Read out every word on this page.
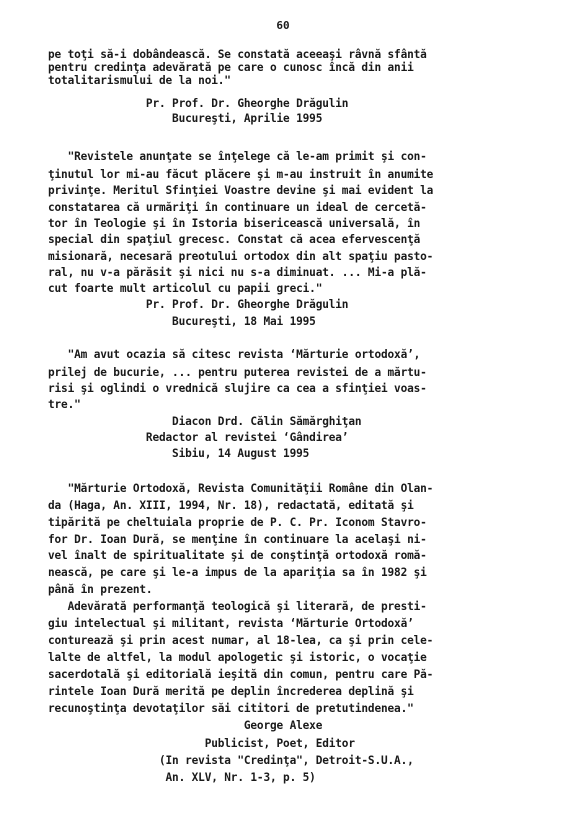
60
pe toţi să-i dobândească. Se constată aceeaşi râvnă sfântă
pentru credinţa adevărată pe care o cunosc încă din anii
totalitarismului de la noi."
Pr. Prof. Dr. Gheorghe Drăgulin
Bucureşti, Aprilie 1995
"Revistele anunţate se înţelege că le-am primit şi con-
ţinutul lor mi-au făcut plăcere şi m-au instruit în anumite
privinţe. Meritul Sfinţiei Voastre devine şi mai evident la
constatarea că urmăriţi în continuare un ideal de cercetă-
tor în Teologie şi în Istoria bisericească universală, în
special din spaţiul grecesc. Constat că acea efervescenţă
misionară, necesară preotului ortodox din alt spaţiu pasto-
ral, nu v-a părăsit şi nici nu s-a diminuat. ... Mi-a plă-
cut foarte mult articolul cu papii greci."
Pr. Prof. Dr. Gheorghe Drăgulin
Bucureşti, 18 Mai 1995
"Am avut ocazia să citesc revista ‘Mărturie ortodoxă’,
prilej de bucurie, ... pentru puterea revistei de a mărtu-
risi şi oglindi o vrednică slujire ca cea a sfinţiei voas-
tre."
Diacon Drd. Călin Sămărghiţan
Redactor al revistei ‘Gândirea’
Sibiu, 14 August 1995
"Mărturie Ortodoxă, Revista Comunităţii Române din Olan-
da (Haga, An. XIII, 1994, Nr. 18), redactată, editată şi
tipărită pe cheltuiala proprie de P. C. Pr. Iconom Stavro-
for Dr. Ioan Dură, se menţine în continuare la acelaşi ni-
vel înalt de spiritualitate şi de conştinţă ortodoxă romă-
nească, pe care şi le-a impus de la apariţia sa în 1982 şi
până în prezent.
Adevărată performanţă teologică şi literară, de presti-
giu intelectual şi militant, revista ‘Mărturie Ortodoxă’
conturează şi prin acest numar, al 18-lea, ca şi prin cele-
lalte de altfel, la modul apologetic şi istoric, o vocaţie
sacerdotală şi editorială ieşită din comun, pentru care Pă-
rintele Ioan Dură merită pe deplin încrederea deplină şi
recunoştinţa devotaţilor săi cititori de pretutindenea."
George Alexe
Publicist, Poet, Editor
(In revista "Credinţa", Detroit-S.U.A.,
An. XLV, Nr. 1-3, p. 5)
